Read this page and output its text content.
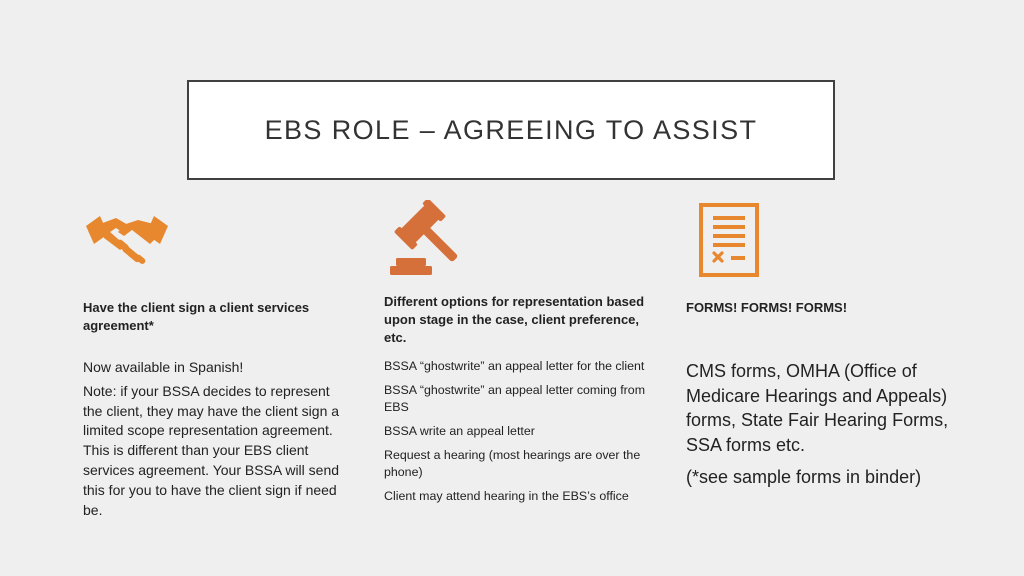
EBS ROLE – AGREEING TO ASSIST
Have the client sign a client services agreement*
Different options for representation based upon stage in the case, client preference, etc.
FORMS! FORMS! FORMS!

Now available in Spanish!

Note: if your BSSA decides to represent the client, they may have the client sign a limited scope representation agreement. This is different than your EBS client services agreement. Your BSSA will send this for you to have the client sign if need be.

BSSA “ghostwrite” an appeal letter for the client

BSSA “ghostwrite” an appeal letter coming from EBS

BSSA write an appeal letter

Request a hearing (most hearings are over the phone)

Client may attend hearing in the EBS’s office

CMS forms, OMHA (Office of Medicare Hearings and Appeals) forms, State Fair Hearing Forms, SSA forms etc.

(*see sample forms in binder)
